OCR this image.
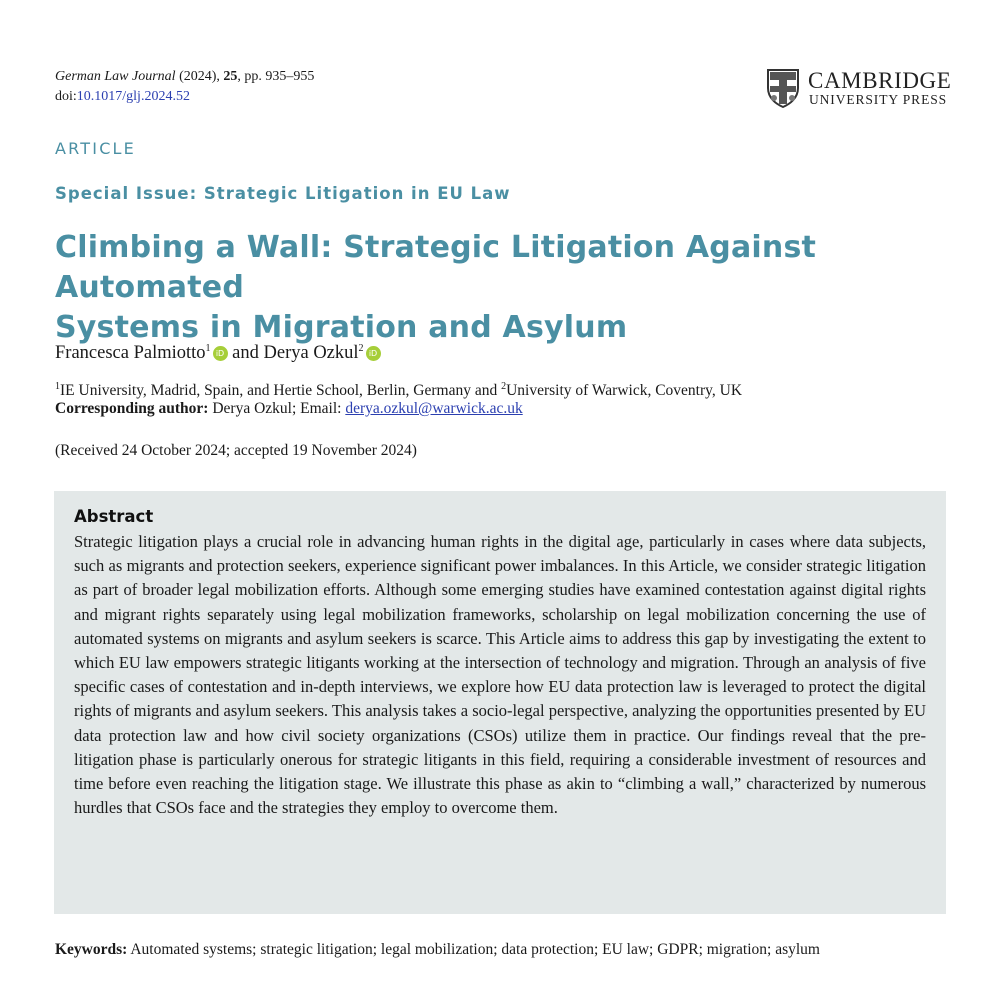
German Law Journal (2024), 25, pp. 935–955
doi:10.1017/glj.2024.52
CAMBRIDGE
UNIVERSITY PRESS
ARTICLE
Special Issue: Strategic Litigation in EU Law
Climbing a Wall: Strategic Litigation Against Automated
Systems in Migration and Asylum
Francesca Palmiotto$^1$ iD and Derya Ozkul$^2$ iD
$^1$IE University, Madrid, Spain, and Hertie School, Berlin, Germany and $^2$University of Warwick, Coventry, UK
Corresponding author: Derya Ozkul; Email: derya.ozkul@warwick.ac.uk
(Received 24 October 2024; accepted 19 November 2024)
Abstract
Strategic litigation plays a crucial role in advancing human rights in the digital age, particularly in cases where data subjects, such as migrants and protection seekers, experience significant power imbalances. In this Article, we consider strategic litigation as part of broader legal mobilization efforts. Although some emerging studies have examined contestation against digital rights and migrant rights separately using legal mobilization frameworks, scholarship on legal mobilization concerning the use of automated systems on migrants and asylum seekers is scarce. This Article aims to address this gap by investigating the extent to which EU law empowers strategic litigants working at the intersection of technology and migration. Through an analysis of five specific cases of contestation and in-depth interviews, we explore how EU data protection law is leveraged to protect the digital rights of migrants and asylum seekers. This analysis takes a socio-legal perspective, analyzing the opportunities presented by EU data protection law and how civil society organizations (CSOs) utilize them in practice. Our findings reveal that the pre-litigation phase is particularly onerous for strategic litigants in this field, requiring a considerable investment of resources and time before even reaching the litigation stage. We illustrate this phase as akin to “climbing a wall,” characterized by numerous hurdles that CSOs face and the strategies they employ to overcome them.
Keywords: Automated systems; strategic litigation; legal mobilization; data protection; EU law; GDPR; migration; asylum
